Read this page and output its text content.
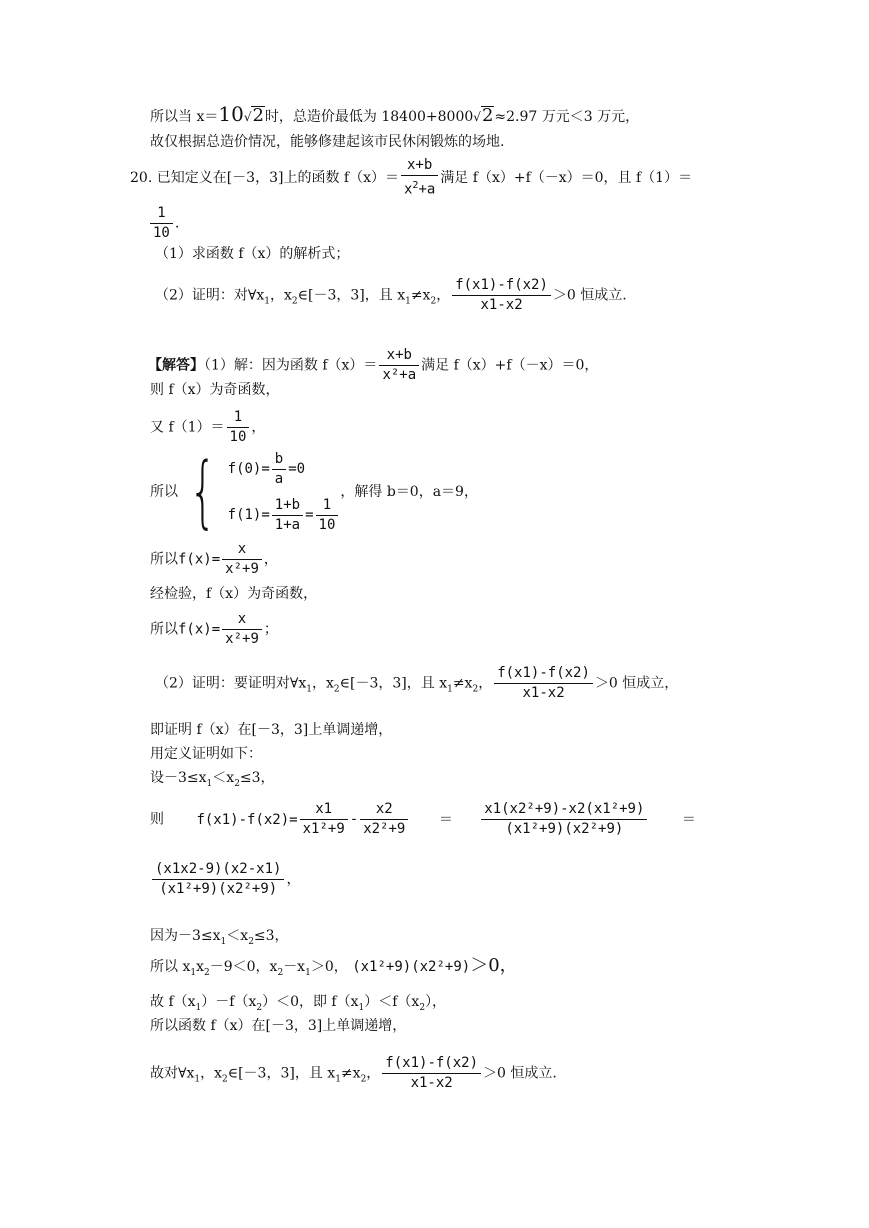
所以当 x＝10√2时，总造价最低为 18400+8000√2≈2.97 万元＜3 万元，
故仅根据总造价情况，能够修建起该市民休闲锻炼的场地.
20. 已知定义在[－3，3]上的函数 $f(x)= \frac{x+b}{x^2+a}$ 满足 f（x）+f（－x）＝0，且 f（1）＝
$\frac{1}{10}$ .
（1）求函数 f（x）的解析式；
（2）证明：对$\forall x_1$，$x_2\in[-3$，3]，且 $x_1\ne x_2$， $\frac{f(x1)-f(x2)}{x1-x2} >0$ 恒成立.
【解答】（1）解：因为函数 $f(x)= \frac{x+b}{\text{x²+a}}$ 满足 f（x）+f（－x）＝0，
则 f（x）为奇函数，
又 $f(1)= \frac{1}{10}$ ，
所以 { $f(0)= \frac{b}{a} =0$
$f(1)= \frac{1+b}{1+a} = \frac{1}{10}$
，解得 b＝0，a＝9，
所以$f(x)= \frac{x}{\text{x²+9}}$ ，
经检验，f（x）为奇函数，
所以$f(x)= \frac{x}{\text{x²+9}}$ ；
（2）证明：要证明对$\forall x_1$，$x_2\in[-3$，3]，且 $x_1\ne x_2$， $\frac{f(x1)-f(x2)}{x1-x2} >0$ 恒成立，
即证明 f（x）在[－3，3]上单调递增，
用定义证明如下：
设$-3\le x_1<x_2\le 3$，
则 $f(x1)-f(x2)= \frac{x1}{\text{x1²+9}} - \frac{x2}{\text{x2²+9}} = \frac{\text{x1(x2²+9)-x2(x1²+9)}}{\text{(x1²+9)(x2²+9)}}$ ＝
$\frac{(x1x2-9)(x2-x1)}{\text{(x1²+9)(x2²+9)}}$ ，
因为$-3\le x_1<x_2\le 3$，
所以 $x_1x_2-9<0$，$x_2-x_1>0$， (x1²+9)(x2²+9)＞0，
故 $f(x_1)-f(x_2)<0$，即 $f(x_1)<f(x_2)$，
所以函数 f（x）在[－3，3]上单调递增，
故对$\forall x_1$，$x_2\in[-3$，3]，且 $x_1\ne x_2$， $\frac{f(x1)-f(x2)}{x1-x2} >0$ 恒成立.
